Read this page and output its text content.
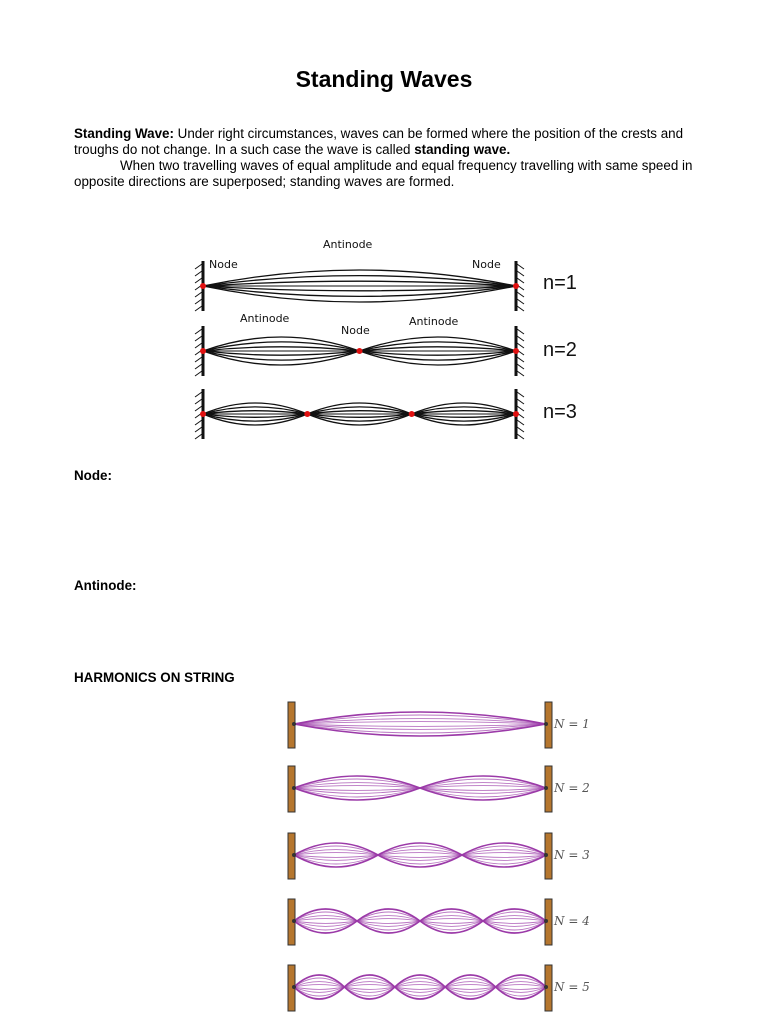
Standing Waves
Standing Wave: Under right circumstances, waves can be formed where the position of the crests and troughs do not change. In a such case the wave is called standing wave.
When two travelling waves of equal amplitude and equal frequency travelling with same speed in opposite directions are superposed; standing waves are formed.
Antinode
Node	Node
Antinode
Node
Antinode
n=1
n=2
n=3
Node:
Antinode:
HARMONICS ON STRING
N = 1
N = 2
N = 3
N = 4
N = 5
